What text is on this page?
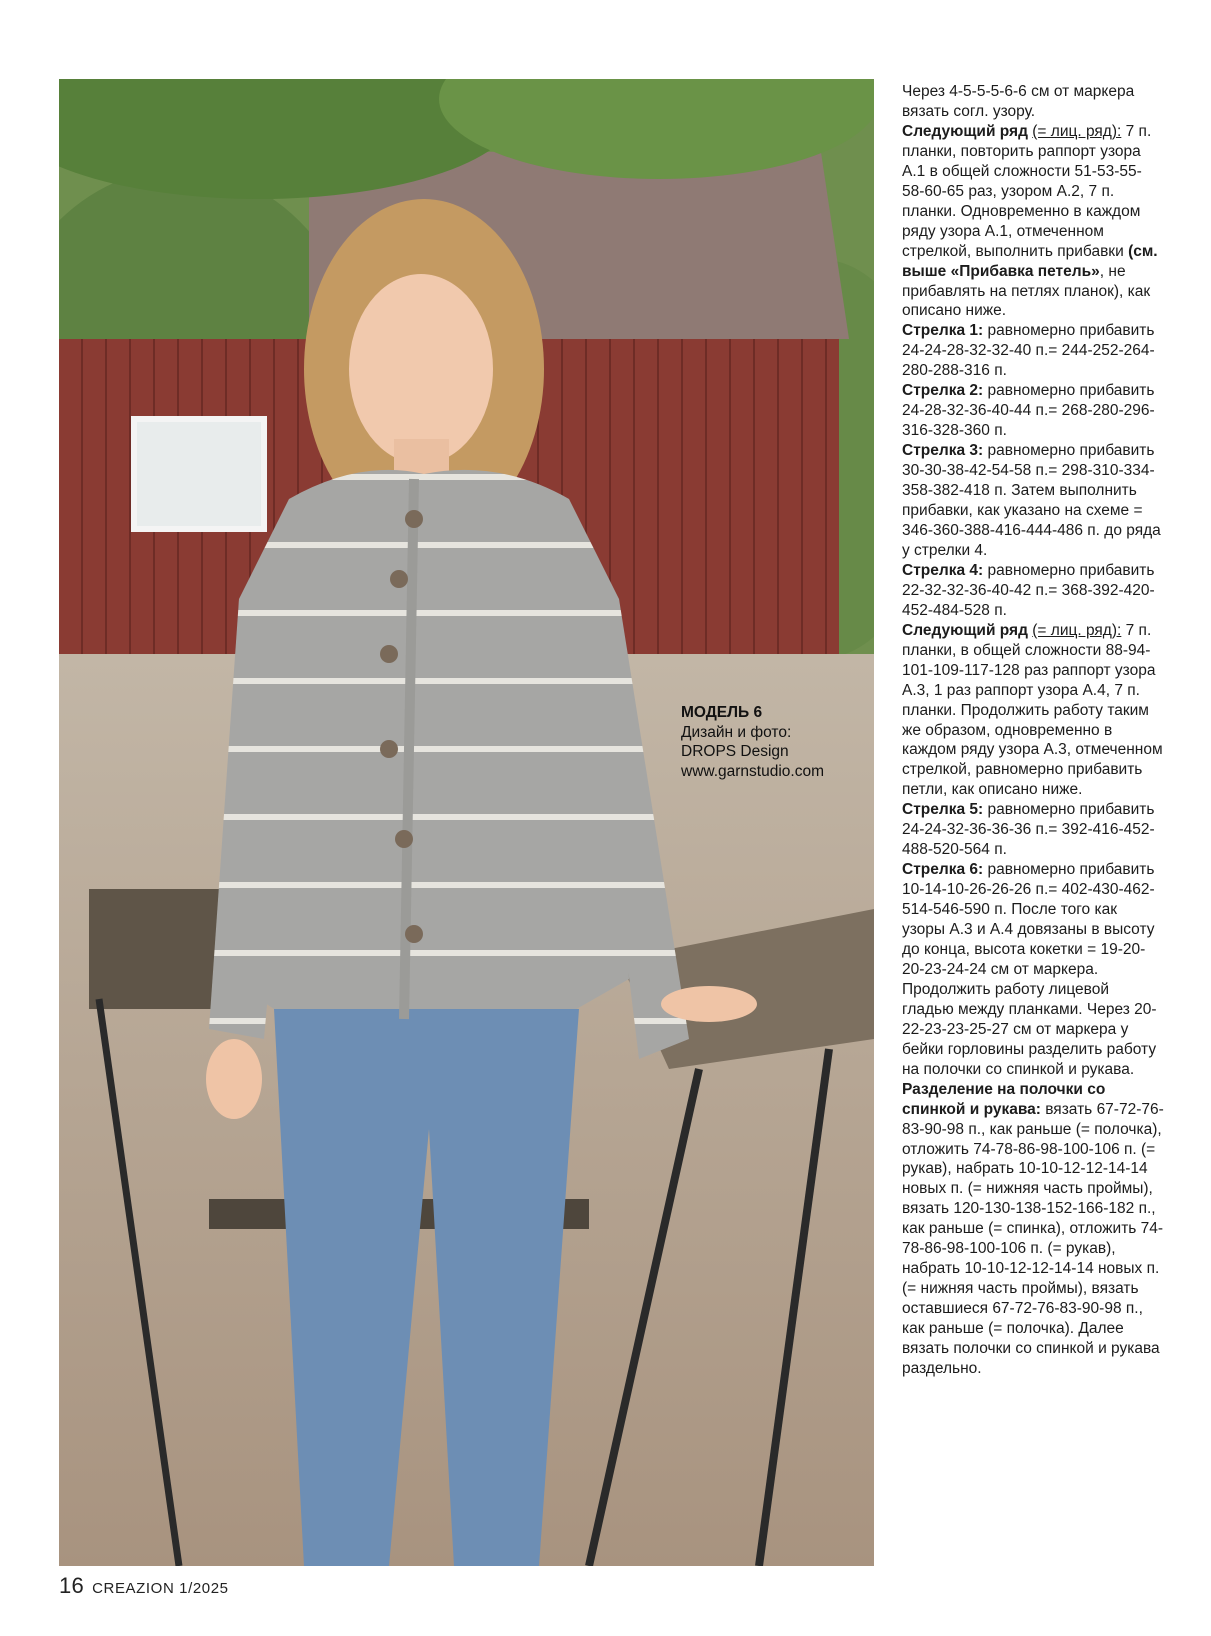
МОДЕЛЬ 6
Дизайн и фото:
DROPS Design
www.garnstudio.com

Через 4-5-5-5-6-6 см от маркера вязать согл. узору.

Следующий ряд (= лиц. ряд): 7 п. планки, повторить раппорт узора А.1 в общей сложности 51-53-55-58-60-65 раз, узором А.2, 7 п. планки. Одновременно в каждом ряду узора А.1, отмеченном стрелкой, выполнить прибавки (см. выше «Прибавка петель», не прибавлять на петлях планок), как описано ниже.

Стрелка 1: равномерно прибавить 24-24-28-32-32-40 п.= 244-252-264-280-288-316 п.

Стрелка 2: равномерно прибавить 24-28-32-36-40-44 п.= 268-280-296-316-328-360 п.

Стрелка 3: равномерно прибавить 30-30-38-42-54-58 п.= 298-310-334-358-382-418 п. Затем выполнить прибавки, как указано на схеме = 346-360-388-416-444-486 п. до ряда у стрелки 4.

Стрелка 4: равномерно прибавить 22-32-32-36-40-42 п.= 368-392-420-452-484-528 п.

Следующий ряд (= лиц. ряд): 7 п. планки, в общей сложности 88-94-101-109-117-128 раз раппорт узора А.3, 1 раз раппорт узора А.4, 7 п. планки. Продолжить работу таким же образом, одновременно в каждом ряду узора А.3, отмеченном стрелкой, равномерно прибавить петли, как описано ниже.

Стрелка 5: равномерно прибавить 24-24-32-36-36-36 п.= 392-416-452-488-520-564 п.

Стрелка 6: равномерно прибавить 10-14-10-26-26-26 п.= 402-430-462-514-546-590 п. После того как узоры А.3 и А.4 довязаны в высоту до конца, высота кокетки = 19-20-20-23-24-24 см от маркера.

Продолжить работу лицевой гладью между планками. Через 20-22-23-23-25-27 см от маркера у бейки горловины разделить работу на полочки со спинкой и рукава.

Разделение на полочки со спинкой и рукава: вязать 67-72-76-83-90-98 п., как раньше (= полочка), отложить 74-78-86-98-100-106 п. (= рукав), набрать 10-10-12-12-14-14 новых п. (= нижняя часть проймы), вязать 120-130-138-152-166-182 п., как раньше (= спинка), отложить 74-78-86-98-100-106 п. (= рукав), набрать 10-10-12-12-14-14 новых п. (= нижняя часть проймы), вязать оставшиеся 67-72-76-83-90-98 п., как раньше (= полочка). Далее вязать полочки со спинкой и рукава раздельно.

16 CREAZION 1/2025
